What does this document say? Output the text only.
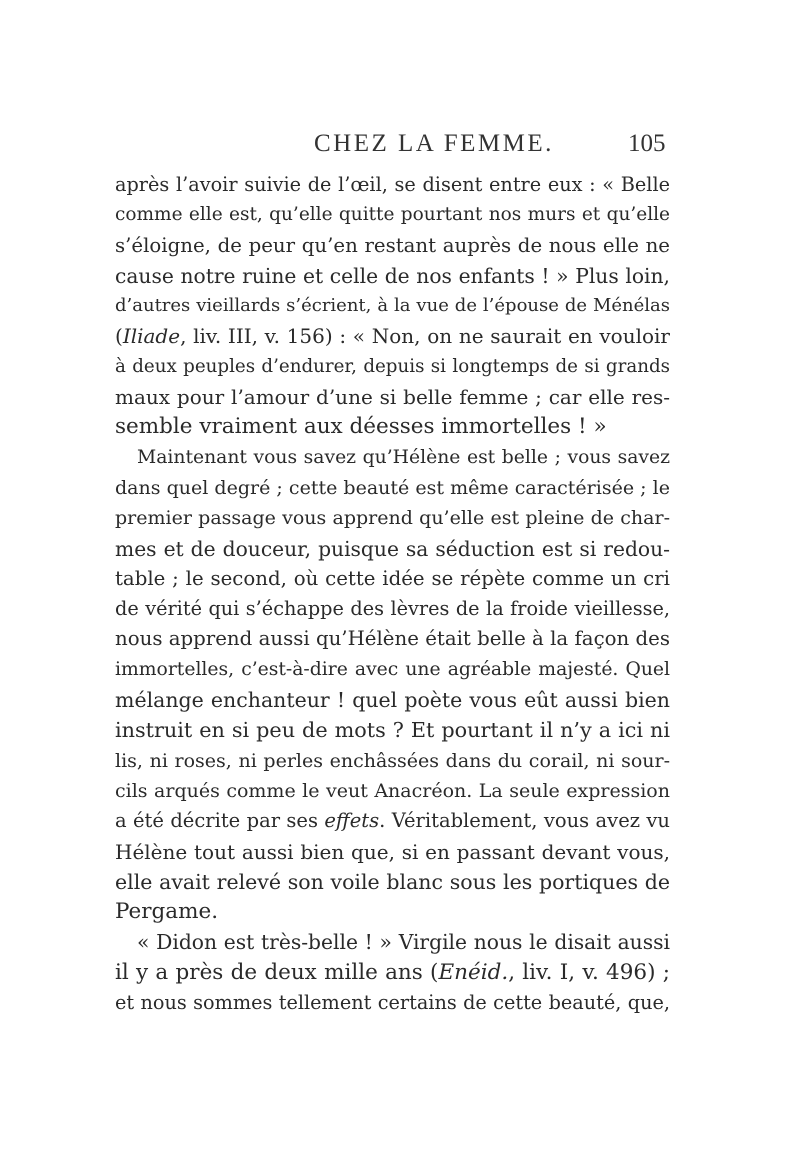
CHEZ LA FEMME.	105
après l’avoir suivie de l’œil, se disent entre eux : « Belle
comme elle est, qu’elle quitte pourtant nos murs et qu’elle
s’éloigne, de peur qu’en restant auprès de nous elle ne
cause notre ruine et celle de nos enfants ! » Plus loin,
d’autres vieillards s’écrient, à la vue de l’épouse de Ménélas
(Iliade, liv. III, v. 156) : « Non, on ne saurait en vouloir
à deux peuples d’endurer, depuis si longtemps de si grands
maux pour l’amour d’une si belle femme ; car elle res-
semble vraiment aux déesses immortelles ! »
Maintenant vous savez qu’Hélène est belle ; vous savez
dans quel degré ; cette beauté est même caractérisée ; le
premier passage vous apprend qu’elle est pleine de char-
mes et de douceur, puisque sa séduction est si redou-
table ; le second, où cette idée se répète comme un cri
de vérité qui s’échappe des lèvres de la froide vieillesse,
nous apprend aussi qu’Hélène était belle à la façon des
immortelles, c’est-à-dire avec une agréable majesté. Quel
mélange enchanteur ! quel poète vous eût aussi bien
instruit en si peu de mots ? Et pourtant il n’y a ici ni
lis, ni roses, ni perles enchâssées dans du corail, ni sour-
cils arqués comme le veut Anacréon. La seule expression
a été décrite par ses effets. Véritablement, vous avez vu
Hélène tout aussi bien que, si en passant devant vous,
elle avait relevé son voile blanc sous les portiques de
Pergame.
« Didon est très-belle ! » Virgile nous le disait aussi
il y a près de deux mille ans (Enéid., liv. I, v. 496) ;
et nous sommes tellement certains de cette beauté, que,
